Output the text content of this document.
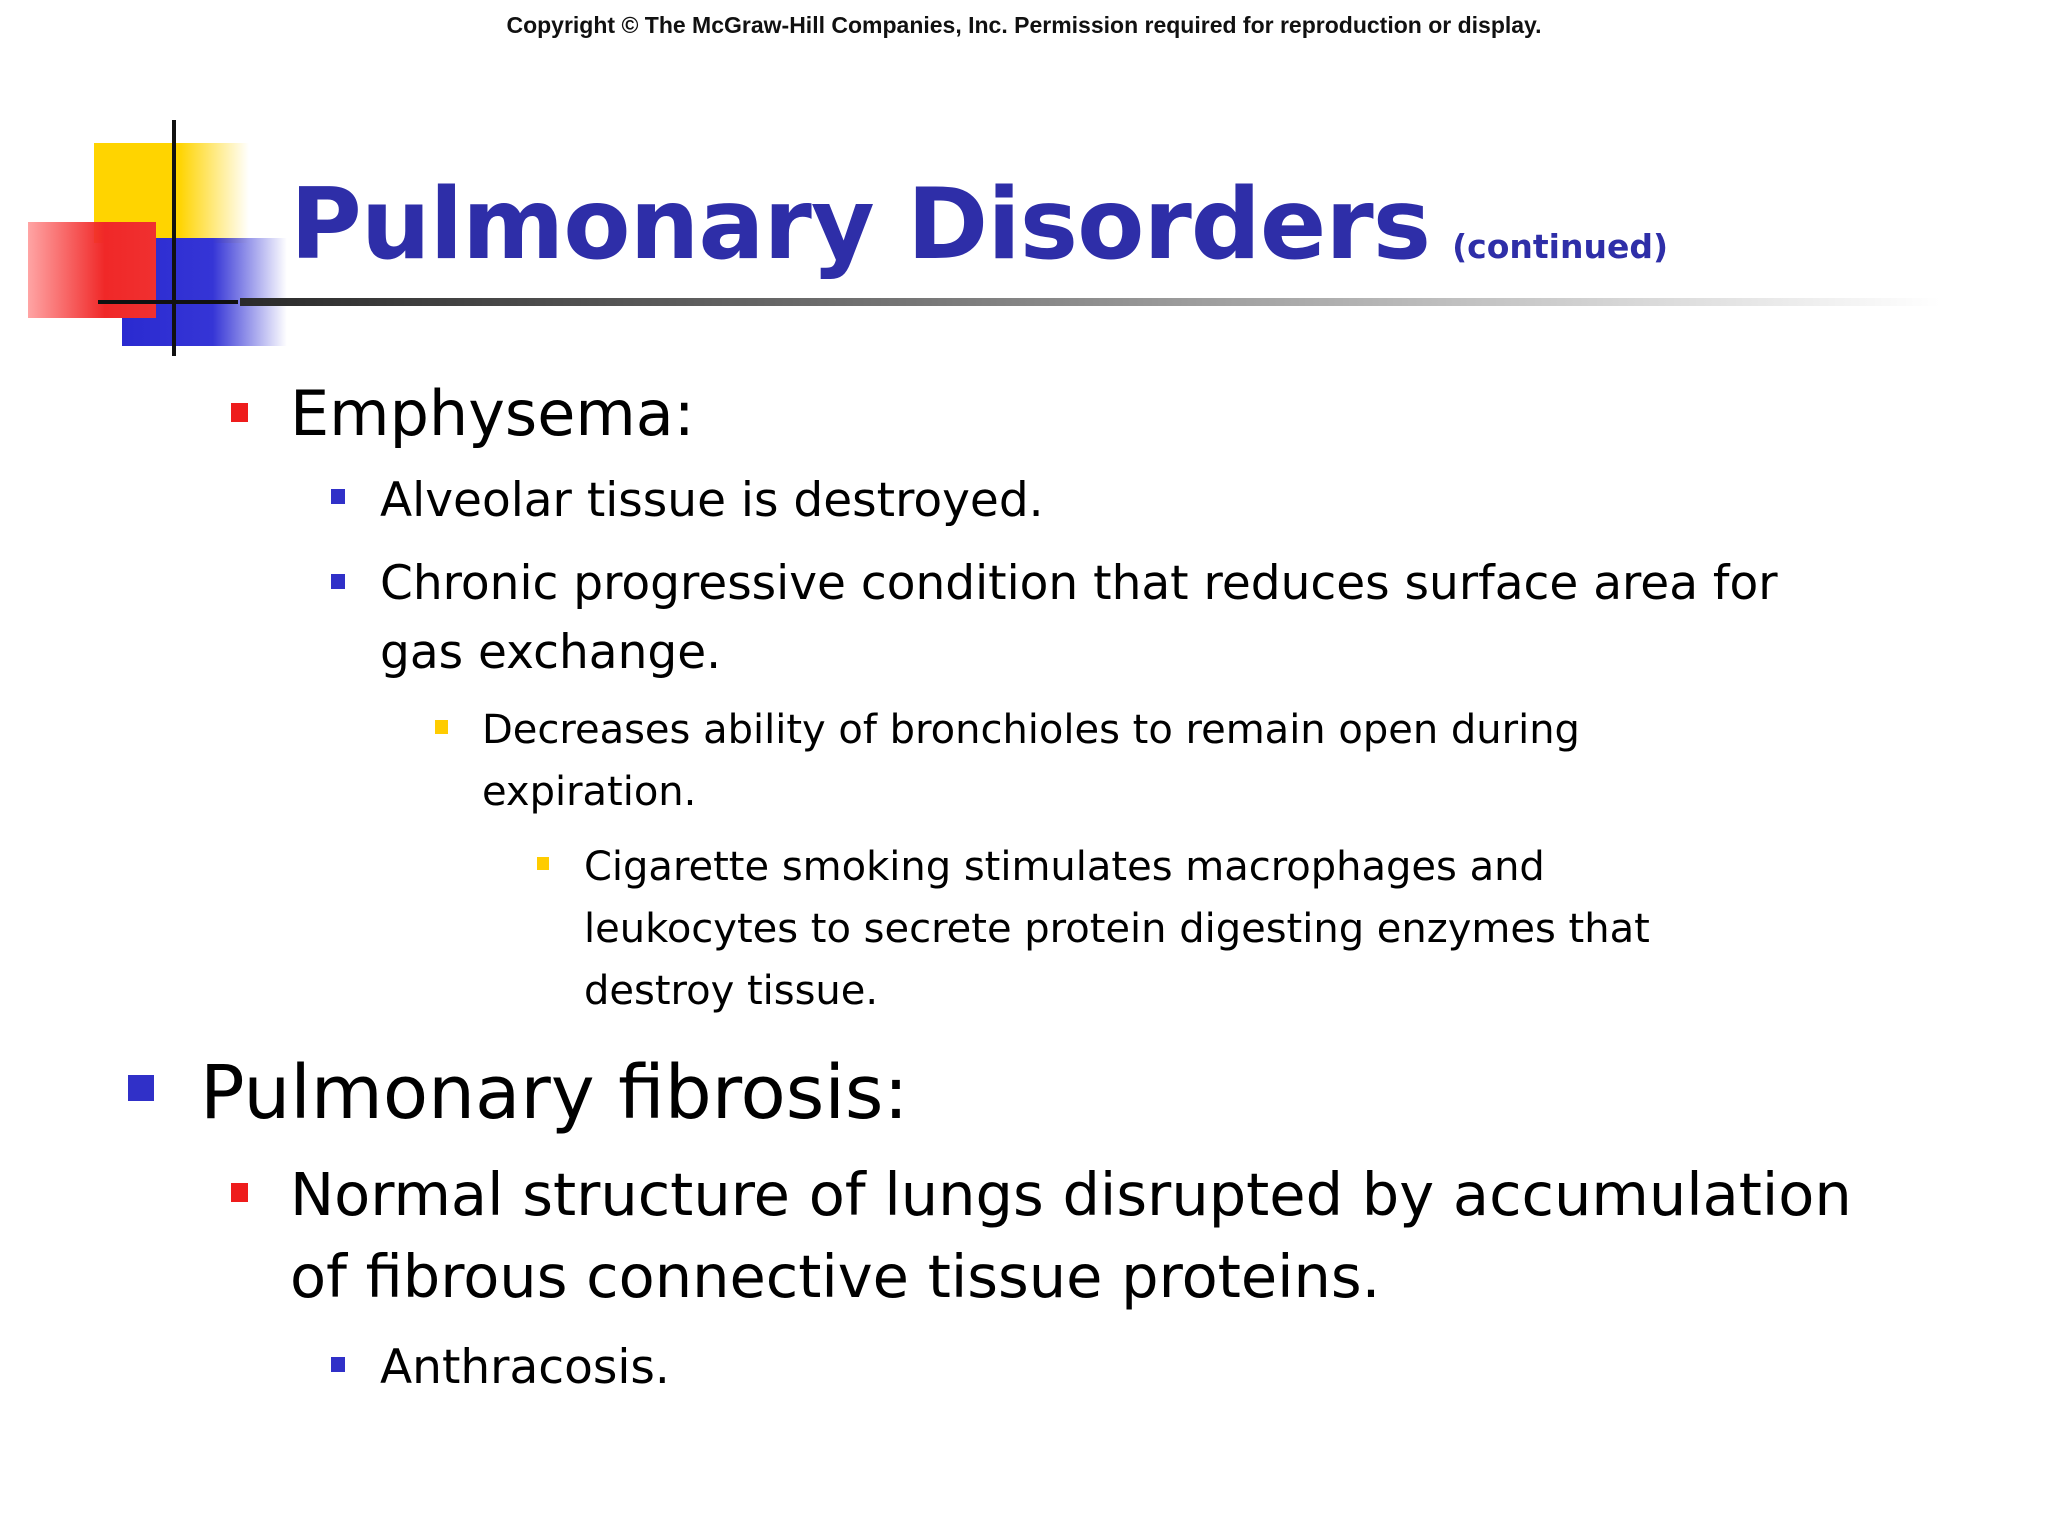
Copyright © The McGraw-Hill Companies, Inc. Permission required for reproduction or display.
Pulmonary Disorders (continued)
Emphysema:
Alveolar tissue is destroyed.
Chronic progressive condition that reduces surface area for
gas exchange.
Decreases ability of bronchioles to remain open during
expiration.
Cigarette smoking stimulates macrophages and
leukocytes to secrete protein digesting enzymes that
destroy tissue.
Pulmonary fibrosis:
Normal structure of lungs disrupted by accumulation
of fibrous connective tissue proteins.
Anthracosis.
